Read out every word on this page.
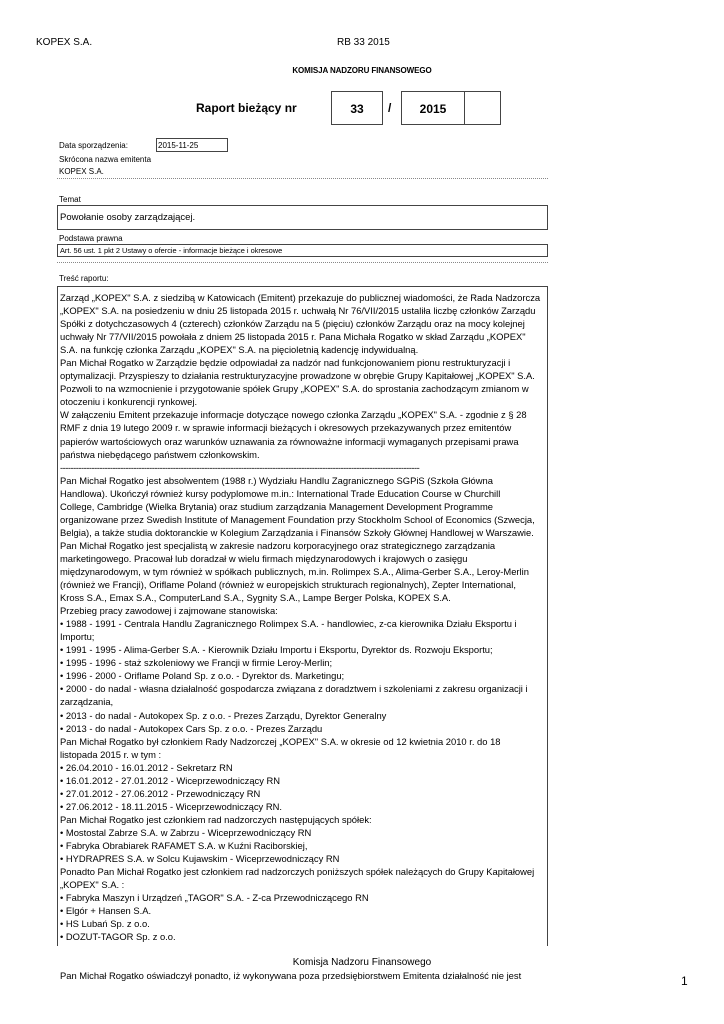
KOPEX S.A.	RB 33 2015
KOMISJA NADZORU FINANSOWEGO
Raport bieżący nr	33	/	2015
Data sporządzenia:	2015-11-25
Skrócona nazwa emitenta
KOPEX S.A.
Temat
Powołanie osoby zarządzającej.
Podstawa prawna
Art. 56 ust. 1 pkt 2 Ustawy o ofercie - informacje bieżące i okresowe
Treść raportu:
Zarząd „KOPEX" S.A. z siedzibą w Katowicach (Emitent) przekazuje do publicznej wiadomości, że Rada Nadzorcza
„KOPEX" S.A. na posiedzeniu w dniu 25 listopada 2015 r. uchwałą Nr 76/VII/2015 ustaliła liczbę członków Zarządu
Spółki z dotychczasowych 4 (czterech) członków Zarządu na 5 (pięciu) członków Zarządu oraz na mocy kolejnej
uchwały Nr 77/VII/2015 powołała z dniem 25 listopada 2015 r. Pana Michała Rogatko w skład Zarządu „KOPEX"
S.A. na funkcję członka Zarządu „KOPEX" S.A. na pięcioletnią kadencję indywidualną.
Pan Michał Rogatko w Zarządzie będzie odpowiadał za nadzór nad funkcjonowaniem pionu restrukturyzacji i
optymalizacji. Przyspieszy to działania restrukturyzacyjne prowadzone w obrębie Grupy Kapitałowej „KOPEX" S.A.
Pozwoli to na wzmocnienie i przygotowanie spółek Grupy „KOPEX" S.A. do sprostania zachodzącym zmianom w
otoczeniu i konkurencji rynkowej.
W załączeniu Emitent przekazuje informacje dotyczące nowego członka Zarządu „KOPEX" S.A. - zgodnie z § 28
RMF z dnia 19 lutego 2009 r. w sprawie informacji bieżących i okresowych przekazywanych przez emitentów
papierów wartościowych oraz warunków uznawania za równoważne informacji wymaganych przepisami prawa
państwa niebędącego państwem członkowskim.
-----------------------------------------------------------------------------------------------------------------------------------------
Pan Michał Rogatko jest absolwentem (1988 r.) Wydziału Handlu Zagranicznego SGPiS (Szkoła Główna
Handlowa). Ukończył również kursy podyplomowe m.in.: International Trade Education Course w Churchill
College, Cambridge (Wielka Brytania) oraz studium zarządzania Management Development Programme
organizowane przez Swedish Institute of Management Foundation przy Stockholm School of Economics (Szwecja,
Belgia), a także studia doktoranckie w Kolegium Zarządzania i Finansów Szkoły Głównej Handlowej w Warszawie.
Pan Michał Rogatko jest specjalistą w zakresie nadzoru korporacyjnego oraz strategicznego zarządzania
marketingowego. Pracował lub doradzał w wielu firmach międzynarodowych i krajowych o zasięgu
międzynarodowym, w tym również w spółkach publicznych, m.in. Rolimpex S.A., Alima-Gerber S.A., Leroy-Merlin
(również we Francji), Oriflame Poland (również w europejskich strukturach regionalnych), Zepter International,
Kross S.A., Emax S.A., ComputerLand S.A., Sygnity S.A., Lampe Berger Polska, KOPEX S.A.
Przebieg pracy zawodowej i zajmowane stanowiska:
• 1988 - 1991 - Centrala Handlu Zagranicznego Rolimpex S.A. - handlowiec, z-ca kierownika Działu Eksportu i
Importu;
• 1991 - 1995 - Alima-Gerber S.A. - Kierownik Działu Importu i Eksportu, Dyrektor ds. Rozwoju Eksportu;
• 1995 - 1996 - staż szkoleniowy we Francji w firmie Leroy-Merlin;
• 1996 - 2000 - Oriflame Poland Sp. z o.o. - Dyrektor ds. Marketingu;
• 2000 - do nadal - własna działalność gospodarcza związana z doradztwem i szkoleniami z zakresu organizacji i
zarządzania,
• 2013 - do nadal - Autokopex Sp. z o.o. - Prezes Zarządu, Dyrektor Generalny
• 2013 - do nadal - Autokopex Cars Sp. z o.o. - Prezes Zarządu
Pan Michał Rogatko był członkiem Rady Nadzorczej „KOPEX" S.A. w okresie od 12 kwietnia 2010 r. do 18
listopada 2015 r. w tym :
• 26.04.2010 - 16.01.2012 - Sekretarz RN
• 16.01.2012 - 27.01.2012 - Wiceprzewodniczący RN
• 27.01.2012 - 27.06.2012 - Przewodniczący RN
• 27.06.2012 - 18.11.2015 - Wiceprzewodniczący RN.
Pan Michał Rogatko jest członkiem rad nadzorczych następujących spółek:
• Mostostal Zabrze S.A. w Zabrzu - Wiceprzewodniczący RN
• Fabryka Obrabiarek RAFAMET S.A. w Kuźni Raciborskiej,
• HYDRAPRES S.A. w Solcu Kujawskim - Wiceprzewodniczący RN
Ponadto Pan Michał Rogatko jest członkiem rad nadzorczych poniższych spółek należących do Grupy Kapitałowej
„KOPEX" S.A. :
• Fabryka Maszyn i Urządzeń „TAGOR" S.A. - Z-ca Przewodniczącego RN
• Elgór + Hansen S.A.
• HS Lubań Sp. z o.o.
• DOZUT-TAGOR Sp. z o.o.
Pan Michał Rogatko oświadczył ponadto, iż wykonywana poza przedsiębiorstwem Emitenta działalność nie jest
Komisja Nadzoru Finansowego
1
